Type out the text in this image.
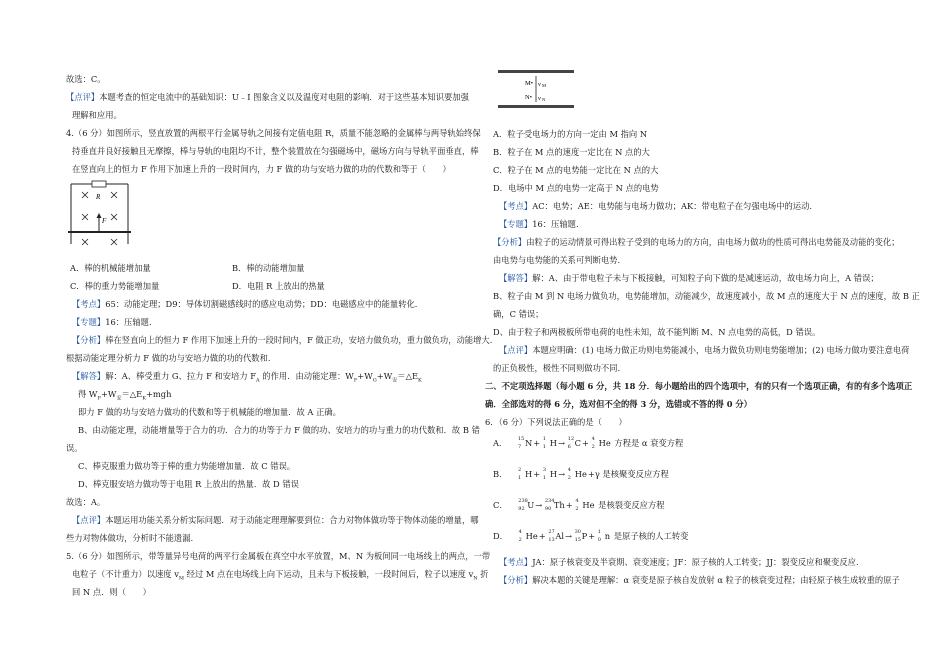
故选：C。
【点评】本题考查的恒定电流中的基础知识：U﹣I 图象含义以及温度对电阻的影响．对于这些基本知识要加强
理解和应用。
4.（6 分）如图所示，竖直放置的两根平行金属导轨之间接有定值电阻 R，质量不能忽略的金属棒与两导轨始终保
持垂直并良好接触且无摩擦，棒与导轨的电阻均不计，整个装置放在匀强磁场中，磁场方向与导轨平面垂直，棒
在竖直向上的恒力 F 作用下加速上升的一段时间内，力 F 做的功与安培力做的功的代数和等于（　　）
R
F
A．棒的机械能增加量	B．棒的动能增加量
C．棒的重力势能增加量	D．电阻 R 上放出的热量
【考点】65：动能定理；D9：导体切割磁感线时的感应电动势；DD：电磁感应中的能量转化.
【专题】16：压轴题.
【分析】棒在竖直向上的恒力 F 作用下加速上升的一段时间内，F 做正功，安培力做负功，重力做负功，动能增大.
根据动能定理分析力 F 做的功与安培力做的功的代数和.
【解答】解：A、棒受重力 G、拉力 F 和安培力 $F_A$ 的作用．由动能定理：$W_F+W_G+W_安=\triangle E_K$
得 $W_F+W_安=\triangle E_K+mgh$
即力 F 做的功与安培力做功的代数和等于机械能的增加量．故 A 正确。
B、由动能定理，动能增量等于合力的功．合力的功等于力 F 做的功、安培力的功与重力的功代数和．故 B 错
误。
C、棒克服重力做功等于棒的重力势能增加量．故 C 错误。
D、棒克服安培力做功等于电阻 R 上放出的热量．故 D 错误
故选：A。
【点评】本题运用功能关系分析实际问题．对于动能定理理解要到位：合力对物体做功等于物体动能的增量，哪
些力对物体做功，分析时不能遗漏.
5.（6 分）如图所示，带等量异号电荷的两平行金属板在真空中水平放置，M、N 为板间同一电场线上的两点，一带
电粒子（不计重力）以速度 $v_M$ 经过 M 点在电场线上向下运动，且未与下板接触，一段时间后，粒子以速度 $v_N$ 折
回 N 点．则（　　）
M• v M
N• v N
A．粒子受电场力的方向一定由 M 指向 N
B．粒子在 M 点的速度一定比在 N 点的大
C．粒子在 M 点的电势能一定比在 N 点的大
D．电场中 M 点的电势一定高于 N 点的电势
【考点】AC：电势；AE：电势能与电场力做功；AK：带电粒子在匀强电场中的运动.
【专题】16：压轴题.
【分析】由粒子的运动情景可得出粒子受到的电场力的方向，由电场力做功的性质可得出电势能及动能的变化；
由电势与电势能的关系可判断电势.
【解答】解：A、由于带电粒子未与下板接触，可知粒子向下做的是减速运动，故电场力向上，A 错误；
B、粒子由 M 到 N 电场力做负功，电势能增加，动能减少，故速度减小，故 M 点的速度大于 N 点的速度，故 B 正
确，C 错误；
D、由于粒子和两极板所带电荷的电性未知，故不能判断 M、N 点电势的高低，D 错误。
【点评】本题应明确：(1) 电场力做正功则电势能减小，电场力做负功则电势能增加；(2) 电场力做功要注意电荷
的正负极性，极性不同则做功不同.
二、不定项选择题（每小题 6 分，共 18 分．每小题给出的四个选项中，有的只有一个选项正确，有的有多个选项正
确．全部选对的得 6 分，选对但不全的得 3 分，选错或不答的得 0 分）
6．（6 分）下列说法正确的是（　　）
A． 15
7 N+ 1
1 H→ 12
6 C+ 4
2 He 方程是 α 衰变方程
B． 2
1 H+ 3
1 H→ 4
2 He+γ 是核聚变反应方程
C． 238
92 U→ 234
90 Th+ 4
2 He 是核裂变反应方程
D． 4
2 He+ 27
13 Al→ 30
15 P+ 1
0 n 是原子核的人工转变
【考点】JA：原子核衰变及半衰期、衰变速度；JF：原子核的人工转变；JJ：裂变反应和聚变反应.
【分析】解决本题的关键是理解：α 衰变是原子核自发放射 α 粒子的核衰变过程；由轻原子核生成较重的原子
